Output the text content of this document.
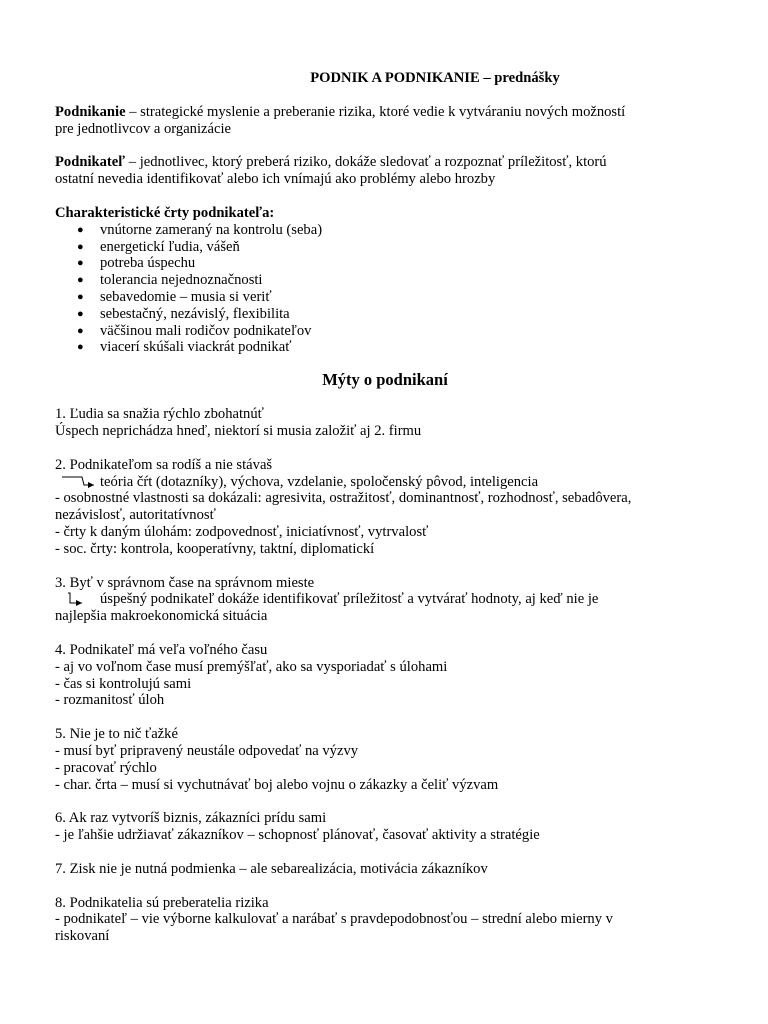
PODNIK A PODNIKANIE – prednášky

Podnikanie – strategické myslenie a preberanie rizika, ktoré vedie k vytváraniu nových možností

pre jednotlivcov a organizácie

Podnikateľ – jednotlivec, ktorý preberá riziko, dokáže sledovať a rozpoznať príležitosť, ktorú

ostatní nevedia identifikovať alebo ich vnímajú ako problémy alebo hrozby

Charakteristické črty podnikateľa:

● vnútorne zameraný na kontrolu (seba)
● energetickí ľudia, vášeň
● potreba úspechu
● tolerancia nejednoznačnosti
● sebavedomie – musia si veriť
● sebestačný, nezávislý, flexibilita
● väčšinou mali rodičov podnikateľov
● viacerí skúšali viackrát podnikať

Mýty o podnikaní

1. Ľudia sa snažia rýchlo zbohatnúť

Úspech neprichádza hneď, niektorí si musia založiť aj 2. firmu

2. Podnikateľom sa rodíš a nie stávaš

teória čŕt (dotazníky), výchova, vzdelanie, spoločenský pôvod, inteligencia

- osobnostné vlastnosti sa dokázali: agresivita, ostražitosť, dominantnosť, rozhodnosť, sebadôvera,

nezávislosť, autoritatívnosť

- črty k daným úlohám: zodpovednosť, iniciatívnosť, vytrvalosť

- soc. črty: kontrola, kooperatívny, taktní, diplomatickí

3. Byť v správnom čase na správnom mieste

úspešný podnikateľ dokáže identifikovať príležitosť a vytvárať hodnoty, aj keď nie je

najlepšia makroekonomická situácia

4. Podnikateľ má veľa voľného času

- aj vo voľnom čase musí premýšľať, ako sa vysporiadať s úlohami

- čas si kontrolujú sami

- rozmanitosť úloh

5. Nie je to nič ťažké

- musí byť pripravený neustále odpovedať na výzvy

- pracovať rýchlo

- char. črta – musí si vychutnávať boj alebo vojnu o zákazky a čeliť výzvam

6. Ak raz vytvoríš biznis, zákazníci prídu sami

- je ľahšie udržiavať zákazníkov – schopnosť plánovať, časovať aktivity a stratégie

7. Zisk nie je nutná podmienka – ale sebarealizácia, motivácia zákazníkov

8. Podnikatelia sú preberatelia rizika

- podnikateľ – vie výborne kalkulovať a narábať s pravdepodobnosťou – strední alebo mierny v

riskovaní
